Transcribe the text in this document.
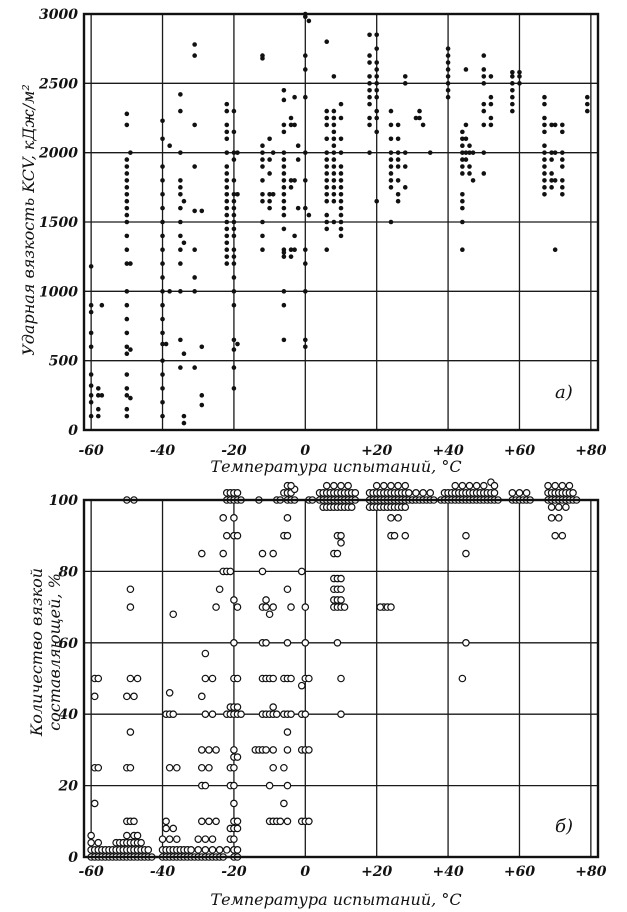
-60	-40	-20	0	+20	+40	+60	+80
0
500
1000
1500
2000
2500
3000
a)
Температура испытаний, °C
Ударная вязкость KCV, кДж/м²
-60	-40	-20	0	+20	+40	+60	+80
0
20
40
60
80
100
б)
Температура испытаний, °C
Количество вязкой составляющей, %
